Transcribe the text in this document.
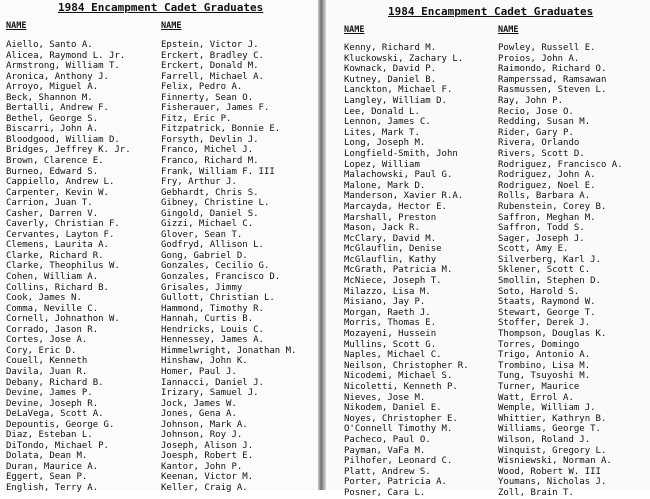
1984 Encampment Cadet Graduates
NAME
Aiello, Santo A.
Alicea, Raymond L. Jr.
Armstrong, William T.
Aronica, Anthony J.
Arroyo, Miguel A.
Beck, Shannon M.
Bertalli, Andrew F.
Bethel, George S.
Biscarri, John A.
Bloodgood, William D.
Bridges, Jeffrey K. Jr.
Brown, Clarence E.
Burneo, Edward S.
Cappiello, Andrew L.
Carpenter, Kevin W.
Carrion, Juan T.
Casher, Darren V.
Caverly, Christian F.
Cervantes, Layton F.
Clemens, Laurita A.
Clarke, Richard R.
Clarke, Theophilus W.
Cohen, William A.
Collins, Richard B.
Cook, James N.
Comma, Neville C.
Cornell, Johnathon W.
Corrado, Jason R.
Cortes, Jose A.
Cory, Eric D.
Couell, Kenneth
Davila, Juan R.
Debany, Richard B.
Devine, James P.
Devine, Joseph R.
DeLaVega, Scott A.
Depountis, George G.
Diaz, Esteban L.
DiTondo, Michael P.
Dolata, Dean M.
Duran, Maurice A.
Eggert, Sean P.
English, Terry A.
NAME
Epstein, Victor J.
Erckert, Bradley C.
Erckert, Donald M.
Farrell, Michael A.
Felix, Pedro A.
Finnerty, Sean O.
Fisherauer, James F.
Fitz, Eric P.
Fitzpatrick, Bonnie E.
Forsyth, Devlin J.
Franco, Michel J.
Franco, Richard M.
Frank, William F. III
Fry, Arthur J.
Gebhardt, Chris S.
Gibney, Christine L.
Gingold, Daniel S.
Gizzi, Michael C.
Glover, Sean T.
Godfryd, Allison L.
Gong, Gabriel D.
Gonzales, Cecilio G.
Gonzales, Francisco D.
Grisales, Jimmy
Gullott, Christian L.
Hammond, Timothy R.
Hannah, Curtis B.
Hendricks, Louis C.
Hennessey, James A.
Himmelwright, Jonathan M.
Hinshaw, John K.
Homer, Paul J.
Iannacci, Daniel J.
Irizary, Samuel J.
Jock, James W.
Jones, Gena A.
Johnson, Mark A.
Johnson, Roy J.
Joseph, Alison J.
Joesph, Robert E.
Kantor, John P.
Keenan, Victor M.
Keller, Craig A.
1984 Encampment Cadet Graduates
NAME
Kenny, Richard M.
Kluckowski, Zachary L.
Kownack, David P.
Kutney, Daniel B.
Lanckton, Michael F.
Langley, William D.
Lee, Donald L.
Lennon, James C.
Lites, Mark T.
Long, Joseph M.
Longfield-Smith, John
Lopez, William
Malachowski, Paul G.
Malone, Mark D.
Manderson, Xavier R.A.
Marcayda, Hector E.
Marshall, Preston
Mason, Jack R.
McClary, David M.
McGlauflin, Denise
McGlauflin, Kathy
McGrath, Patricia M.
McNiece, Joseph T.
Milazzo, Lisa M.
Misiano, Jay P.
Morgan, Raeth J.
Morris, Thomas E.
Mozayeni, Hussein
Mullins, Scott G.
Naples, Michael C.
Neilson, Christopher R.
Nicodemi, Michael S.
Nicoletti, Kenneth P.
Nieves, Jose M.
Nikodem, Daniel E.
Noyes, Christopher E.
O'Connell Timothy M.
Pacheco, Paul O.
Payman, VaFa M.
Pilhofer, Leonard C.
Platt, Andrew S.
Porter, Patricia A.
Posner, Cara L.
NAME
Powley, Russell E.
Proios, John A.
Raimondo, Richard O.
Ramperssad, Ramsawan
Rasmussen, Steven L.
Ray, John P.
Recio, Jose O.
Redding, Susan M.
Rider, Gary P.
Rivera, Orlando
Rivers, Scott D.
Rodriguez, Francisco A.
Rodriguez, John A.
Rodriguez, Noel E.
Rolls, Barbara A.
Rubenstein, Corey B.
Saffron, Meghan M.
Saffron, Todd S.
Sager, Joseph J.
Scott, Amy E.
Silverberg, Karl J.
Sklener, Scott C.
Smollin, Stephen D.
Soto, Harold S.
Staats, Raymond W.
Stewart, George T.
Stoffer, Derek J.
Thompson, Douglas K.
Torres, Domingo
Trigo, Antonio A.
Trombino, Lisa M.
Tung, Tsuyoshi M.
Turner, Maurice
Watt, Errol A.
Wemple, William J.
Whittier, Kathryn B.
Williams, George T.
Wilson, Roland J.
Winquist, Gregory L.
Wisniewski, Norman A.
Wood, Robert W. III
Youmans, Nicholas J.
Zoll, Brain T.
